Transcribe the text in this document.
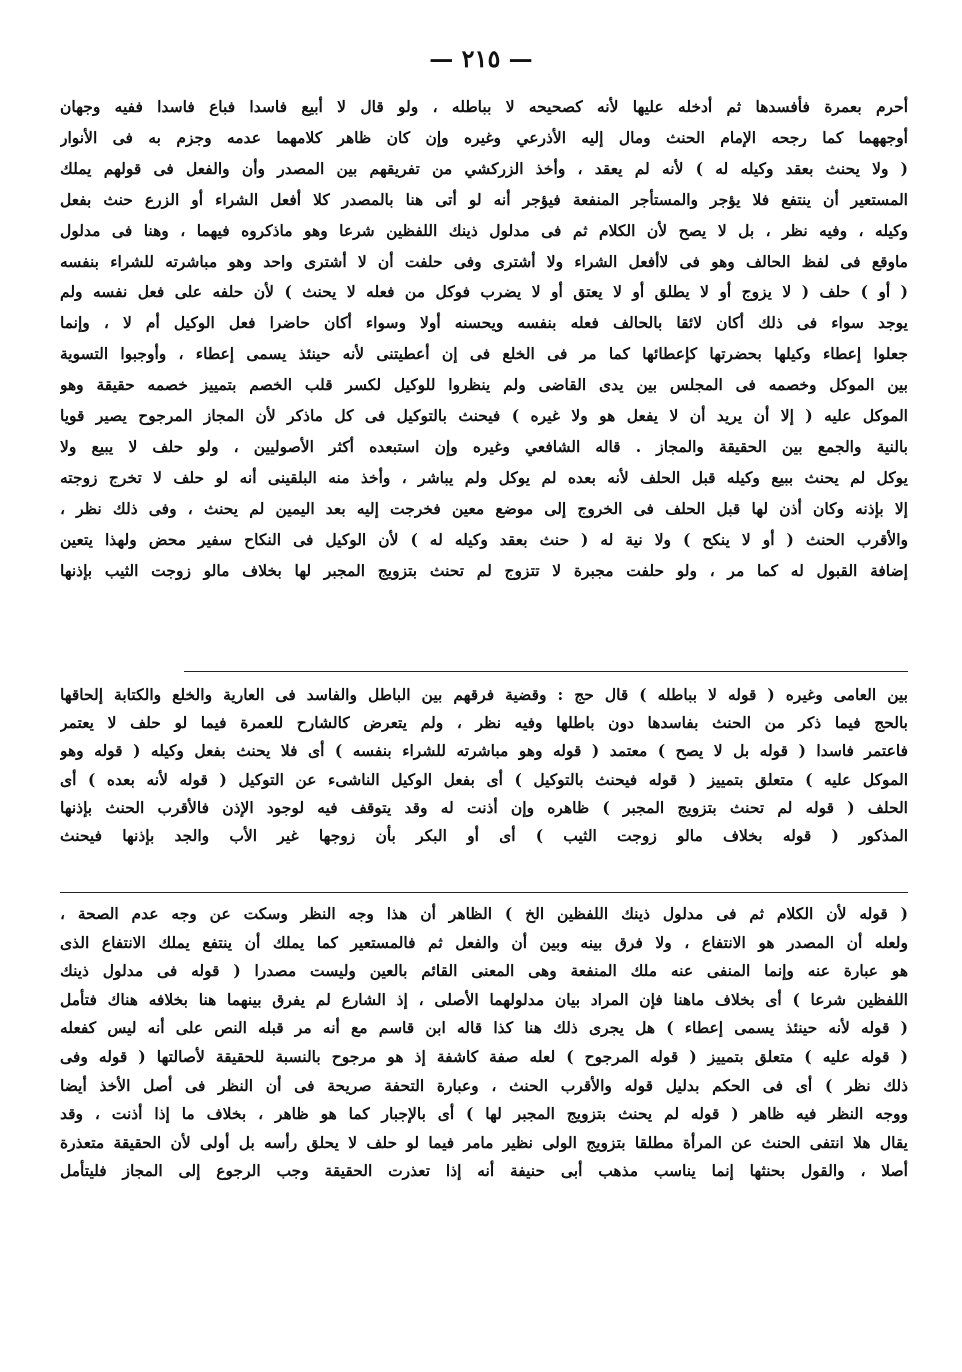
— ٢١٥ —
أحرم بعمرة فأفسدها ثم أدخله عليها لأنه كصحيحه لا بباطله ، ولو قال لا أبيع فاسدا فباع فاسدا ففيه وجهان
أوجههما كما رجحه الإمام الحنث ومال إليه الأذرعي وغيره وإن كان ظاهر كلامهما عدمه وجزم به فى الأنوار
( ولا يحنث بعقد وكيله له ) لأنه لم يعقد ، وأخذ الزركشي من تفريقهم بين المصدر وأن والفعل فى قولهم يملك
المستعير أن ينتفع فلا يؤجر والمستأجر المنفعة فيؤجر أنه لو أتى هنا بالمصدر كلا أفعل الشراء أو الزرع حنث بفعل
وكيله ، وفيه نظر ، بل لا يصح لأن الكلام ثم فى مدلول ذينك اللفظين شرعا وهو ماذكروه فيهما ، وهنا فى مدلول
ماوقع فى لفظ الحالف وهو فى لاأفعل الشراء ولا أشترى وفى حلفت أن لا أشترى واحد وهو مباشرته للشراء بنفسه
( أو ) حلف ( لا يزوج أو لا يطلق أو لا يعتق أو لا يضرب فوكل من فعله لا يحنث ) لأن حلفه على فعل نفسه ولم
يوجد سواء فى ذلك أكان لائقا بالحالف فعله بنفسه ويحسنه أولا وسواء أكان حاضرا فعل الوكيل أم لا ، وإنما
جعلوا إعطاء وكيلها بحضرتها كإعطائها كما مر فى الخلع فى إن أعطيتنى لأنه حينئذ يسمى إعطاء ، وأوجبوا التسوية
بين الموكل وخصمه فى المجلس بين يدى القاضى ولم ينظروا للوكيل لكسر قلب الخصم بتمييز خصمه حقيقة وهو
الموكل عليه ( إلا أن يريد أن لا يفعل هو ولا غيره ) فيحنث بالتوكيل فى كل ماذكر لأن المجاز المرجوح يصير قويا
بالنية والجمع بين الحقيقة والمجاز . قاله الشافعي وغيره وإن استبعده أكثر الأصوليين ، ولو حلف لا يبيع ولا
يوكل لم يحنث ببيع وكيله قبل الحلف لأنه بعده لم يوكل ولم يباشر ، وأخذ منه البلقينى أنه لو حلف لا تخرج زوجته
إلا بإذنه وكان أذن لها قبل الحلف فى الخروج إلى موضع معين فخرجت إليه بعد اليمين لم يحنث ، وفى ذلك نظر ،
والأقرب الحنث ( أو لا ينكح ) ولا نية له ( حنث بعقد وكيله له ) لأن الوكيل فى النكاح سفير محض ولهذا يتعين
إضافة القبول له كما مر ، ولو حلفت مجبرة لا تتزوج لم تحنث بتزويج المجبر لها بخلاف مالو زوجت الثيب بإذنها
بين العامى وغيره ( قوله لا بباطله ) قال حج : وقضية فرقهم بين الباطل والفاسد فى العارية والخلع والكتابة إلحاقها
بالحج فيما ذكر من الحنث بفاسدها دون باطلها وفيه نظر ، ولم يتعرض كالشارح للعمرة فيما لو حلف لا يعتمر
فاعتمر فاسدا ( قوله بل لا يصح ) معتمد ( قوله وهو مباشرته للشراء بنفسه ) أى فلا يحنث بفعل وكيله ( قوله وهو
الموكل عليه ) متعلق بتمييز ( قوله فيحنث بالتوكيل ) أى بفعل الوكيل الناشىء عن التوكيل ( قوله لأنه بعده ) أى
الحلف ( قوله لم تحنث بتزويج المجبر ) ظاهره وإن أذنت له وقد يتوقف فيه لوجود الإذن فالأقرب الحنث بإذنها
المذكور ( قوله بخلاف مالو زوجت الثيب ) أى أو البكر بأن زوجها غير الأب والجد بإذنها فيحنث
( قوله لأن الكلام ثم فى مدلول ذينك اللفظين الخ ) الظاهر أن هذا وجه النظر وسكت عن وجه عدم الصحة ،
ولعله أن المصدر هو الانتفاع ، ولا فرق بينه وبين أن والفعل ثم فالمستعير كما يملك أن ينتفع يملك الانتفاع الذى
هو عبارة عنه وإنما المنفى عنه ملك المنفعة وهى المعنى القائم بالعين وليست مصدرا ( قوله فى مدلول ذينك
اللفظين شرعا ) أى بخلاف ماهنا فإن المراد بيان مدلولهما الأصلى ، إذ الشارع لم يفرق بينهما هنا بخلافه هناك فتأمل
( قوله لأنه حينئذ يسمى إعطاء ) هل يجرى ذلك هنا كذا قاله ابن قاسم مع أنه مر قبله النص على أنه ليس كفعله
( قوله عليه ) متعلق بتمييز ( قوله المرجوح ) لعله صفة كاشفة إذ هو مرجوح بالنسبة للحقيقة لأصالتها ( قوله وفى
ذلك نظر ) أى فى الحكم بدليل قوله والأقرب الحنث ، وعبارة التحفة صريحة فى أن النظر فى أصل الأخذ أيضا
ووجه النظر فيه ظاهر ( قوله لم يحنث بتزويج المجبر لها ) أى بالإجبار كما هو ظاهر ، بخلاف ما إذا أذنت ، وقد
يقال هلا انتفى الحنث عن المرأة مطلقا بتزويج الولى نظير مامر فيما لو حلف لا يحلق رأسه بل أولى لأن الحقيقة متعذرة
أصلا ، والقول بحنثها إنما يناسب مذهب أبى حنيفة أنه إذا تعذرت الحقيقة وجب الرجوع إلى المجاز فليتأمل
